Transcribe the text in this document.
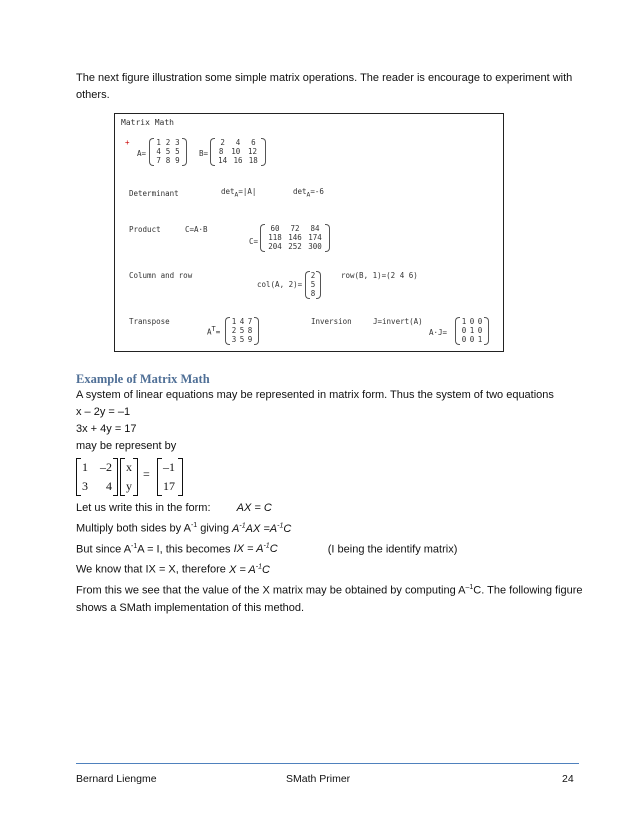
The next figure illustration some simple matrix operations. The reader is encourage to experiment with
others.
Matrix Math
+
A=
1 2 3
4 5 5
7 8 9
B=
2 4 6
8 10 12
14 16 18
Determinant	$\det_A=|A|$	$\det_A=-6$
Product	C=A·B
C=
60 72 84
118 146 174
204 252 300
Column and row
col(A, 2)=
2
5
8
row(B, 1)=(2 4 6)
Transpose
$A^T=$
1 4 7
2 5 8
3 5 9
Inversion	J=invert(A)
A·J=
1 0 0
0 1 0
0 0 1
Example of Matrix Math
A system of linear equations may be represented in matrix form. Thus the system of two equations
x – 2y = –1
3x + 4y = 17
may be represent by
1 –2
3 4
x
y
= –1
17
Let us write this in the form: AX = C
Multiply both sides by $A^{-1}$ giving $A^{-1}AX =A^{-1}C$
But since $A^{-1}A = I$, this becomes IX = $A^{-1}C$	(I being the identify matrix)
We know that IX = X, therefore $X = A^{-1}C$
From this we see that the value of the X matrix may be obtained by computing $A^{-1}C$. The following figure
shows a SMath implementation of this method.
Bernard Liengme	SMath Primer	24
